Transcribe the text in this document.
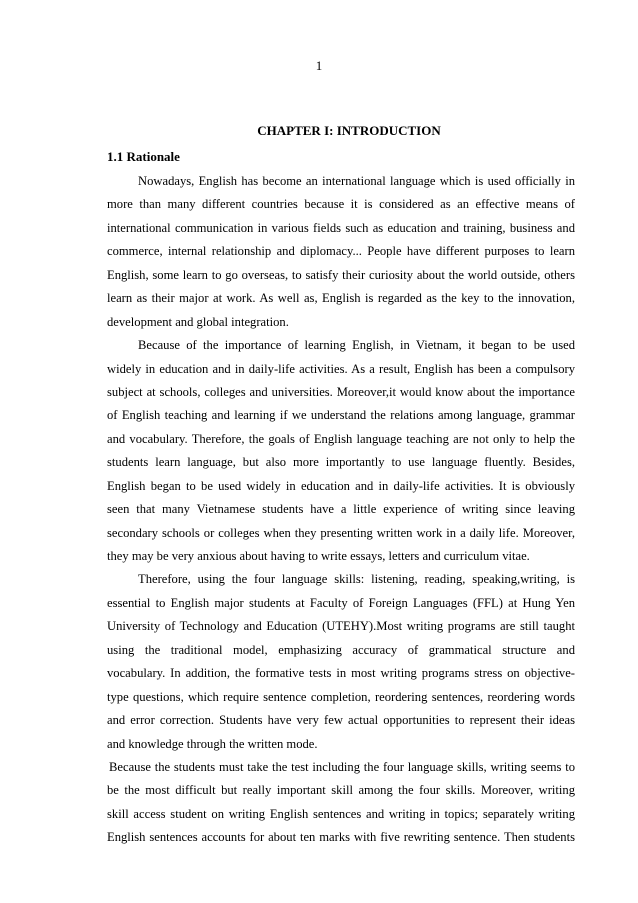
1
CHAPTER I: INTRODUCTION
1.1 Rationale
Nowadays, English has become an international language which is used officially in
more than many different countries because it is considered as an effective means of
international communication in various fields such as education and training, business and
commerce, internal relationship and diplomacy... People have different purposes to learn
English, some learn to go overseas, to satisfy their curiosity about the world outside, others
learn as their major at work. As well as, English is regarded as the key to the innovation,
development and global integration.
Because of the importance of learning English, in Vietnam, it began to be used
widely in education and in daily-life activities. As a result, English has been a compulsory
subject at schools, colleges and universities. Moreover,it would know about the importance
of English teaching and learning if we understand the relations among language, grammar
and vocabulary. Therefore, the goals of English language teaching are not only to help the
students learn language, but also more importantly to use language fluently. Besides,
English began to be used widely in education and in daily-life activities. It is obviously
seen that many Vietnamese students have a little experience of writing since leaving
secondary schools or colleges when they presenting written work in a daily life. Moreover,
they may be very anxious about having to write essays, letters and curriculum vitae.
Therefore, using the four language skills: listening, reading, speaking,writing, is
essential to English major students at Faculty of Foreign Languages (FFL) at Hung Yen
University of Technology and Education (UTEHY).Most writing programs are still taught
using the traditional model, emphasizing accuracy of grammatical structure and
vocabulary. In addition, the formative tests in most writing programs stress on objective-
type questions, which require sentence completion, reordering sentences, reordering words
and error correction. Students have very few actual opportunities to represent their ideas
and knowledge through the written mode.
Because the students must take the test including the four language skills, writing seems to
be the most difficult but really important skill among the four skills. Moreover, writing
skill access student on writing English sentences and writing in topics; separately writing
English sentences accounts for about ten marks with five rewriting sentence. Then students
